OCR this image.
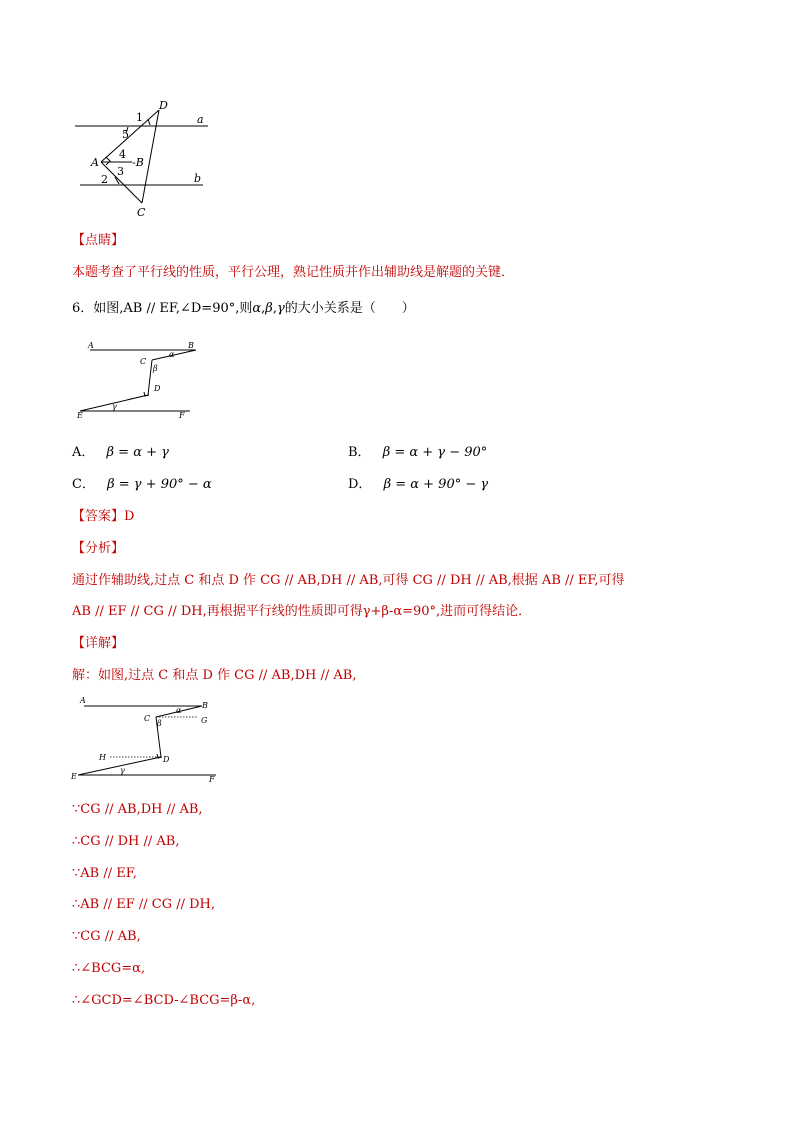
D
a
1
5
A
4
-B
3
2	b
C
【点睛】
本题考查了平行线的性质，平行公理，熟记性质并作出辅助线是解题的关键．
6．如图,AB // EF,∠D=90°,则α,β,γ的大小关系是（　　）
A	B
C
α
β
D
E
γ
F
A． β = α + γ	B． β = α + γ − 90°
C． β = γ + 90° − α	D． β = α + 90° − γ
【答案】D
【分析】
通过作辅助线,过点 C 和点 D 作 CG // AB,DH // AB,可得 CG // DH // AB,根据 AB // EF,可得
AB // EF // CG // DH,再根据平行线的性质即可得γ+β-α=90°,进而可得结论．
【详解】
解：如图,过点 C 和点 D 作 CG // AB,DH // AB,
A
B
C
α
G
β
H	D
E
γ
F
∵CG // AB,DH // AB,
∴CG // DH // AB,
∵AB // EF,
∴AB // EF // CG // DH,
∵CG // AB,
∴∠BCG=α,
∴∠GCD=∠BCD-∠BCG=β-α,
